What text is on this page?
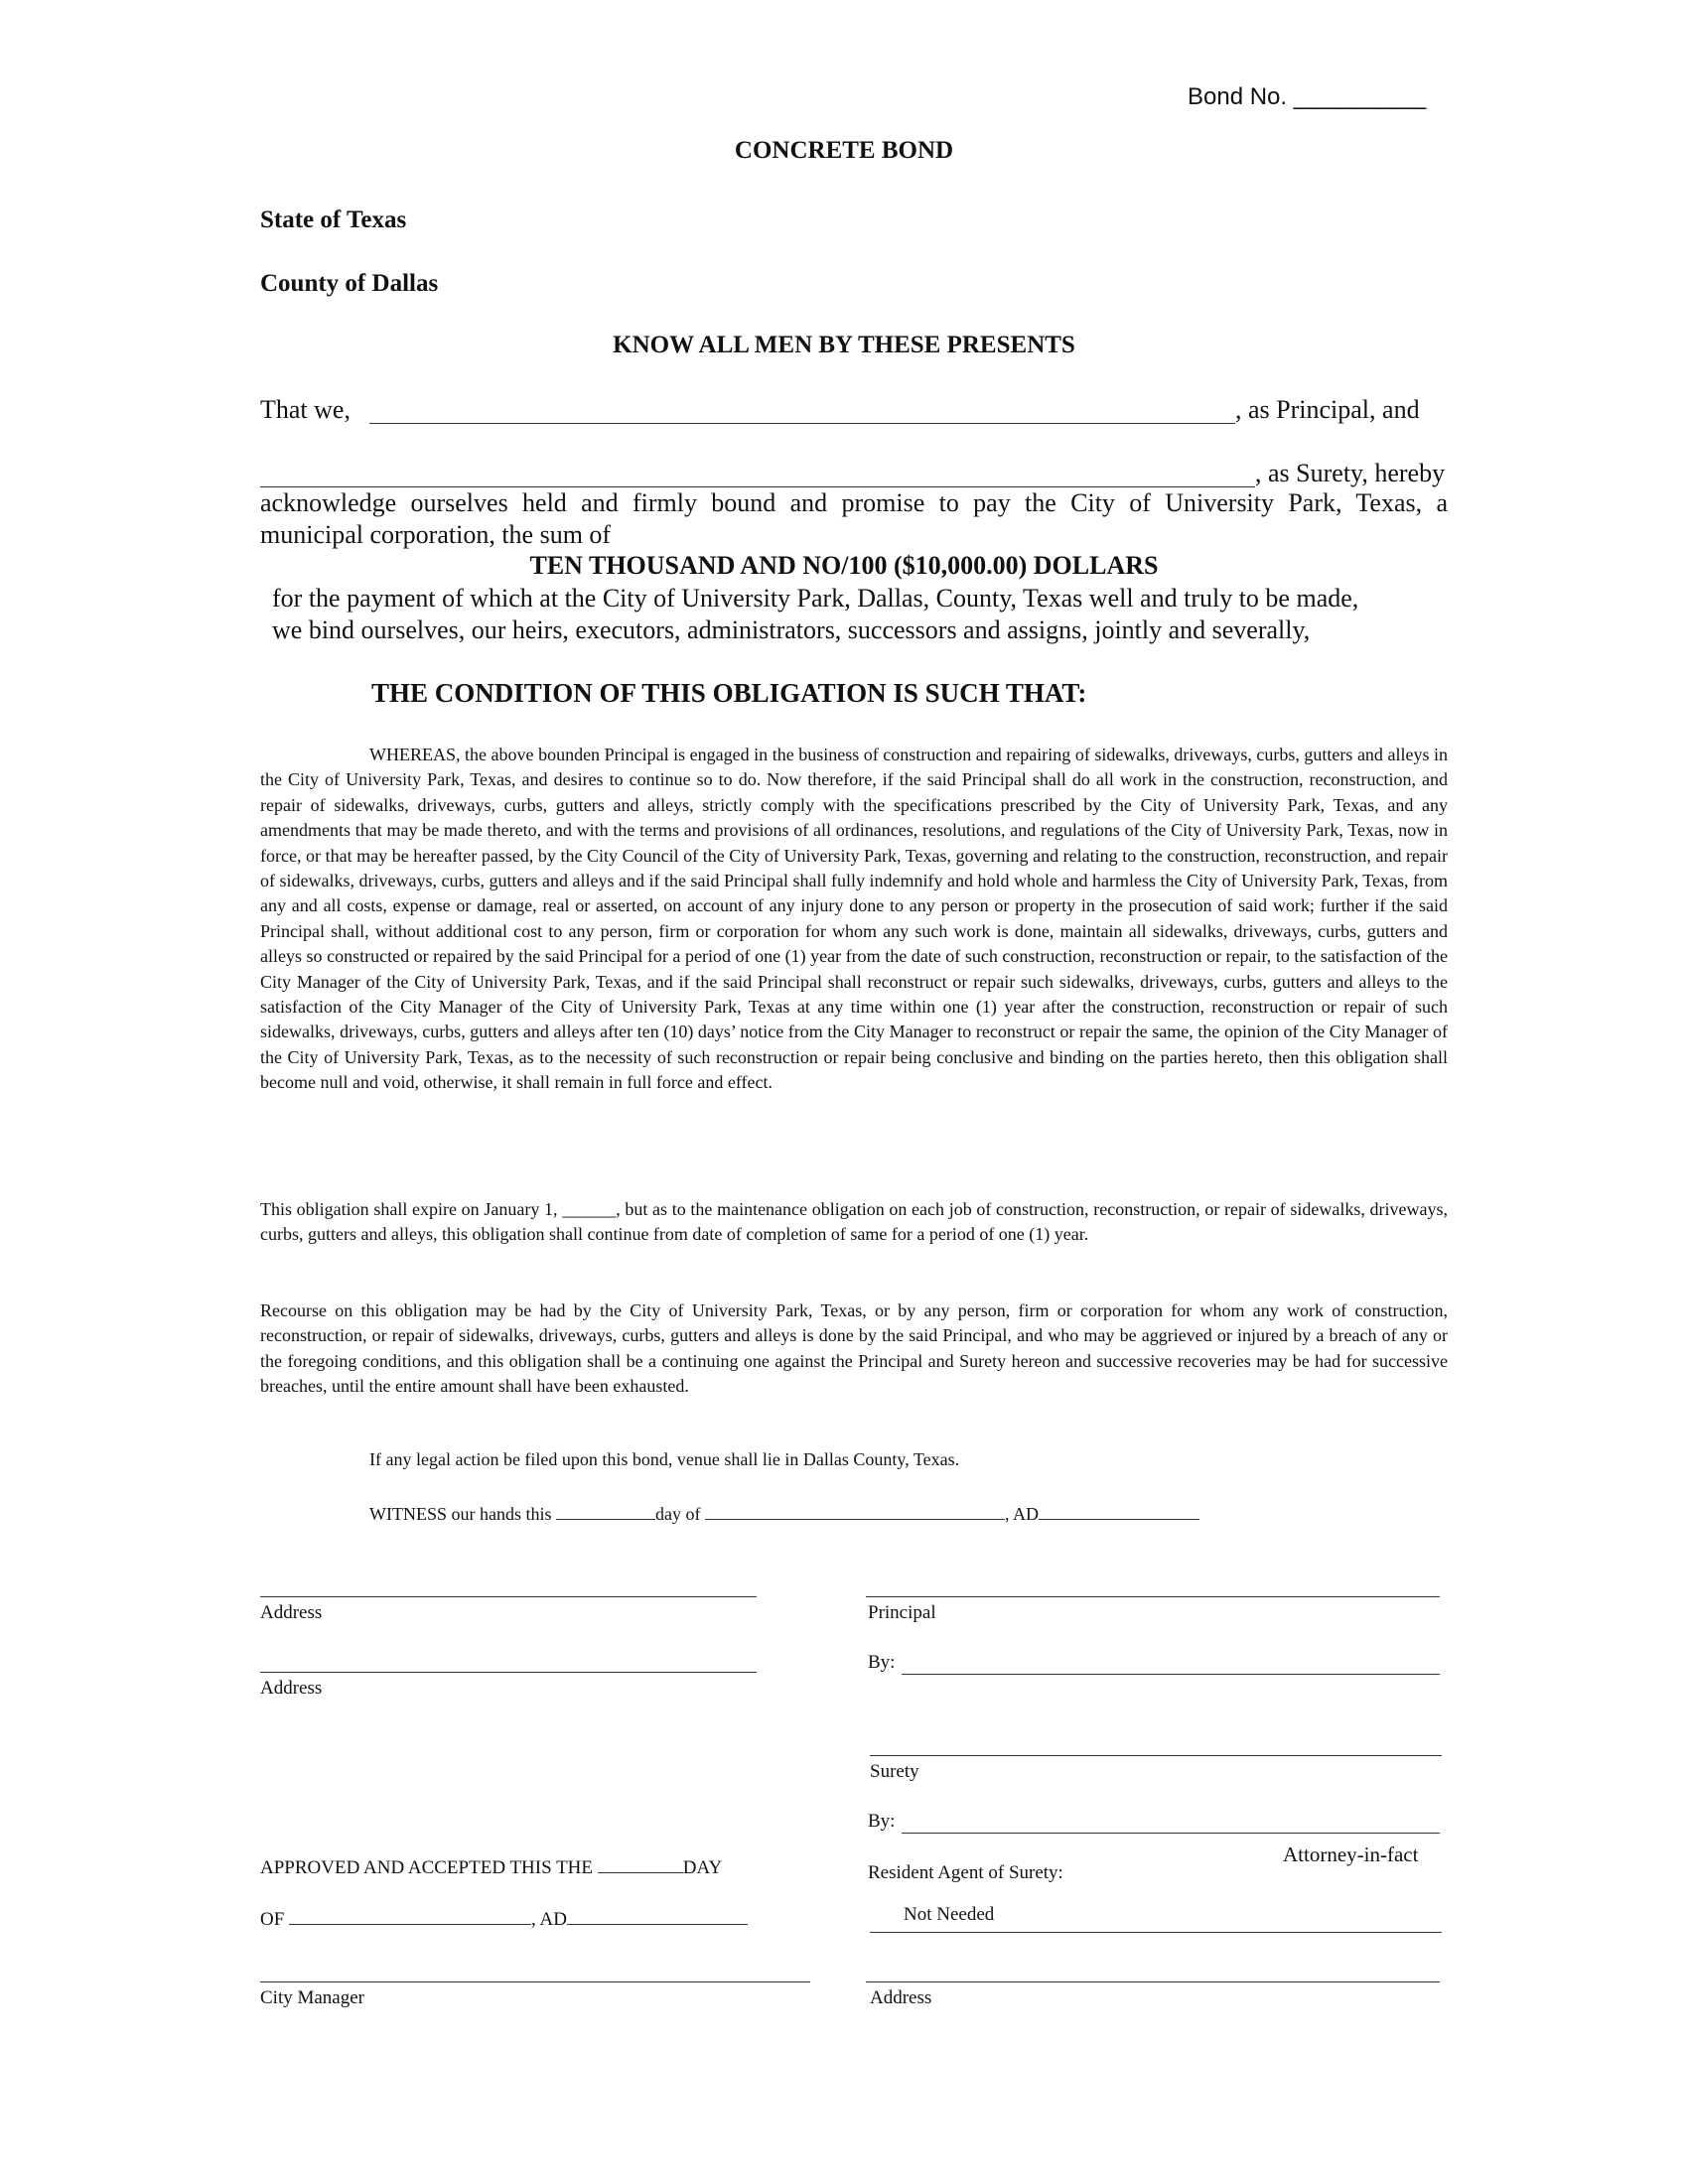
Bond No. __________
CONCRETE BOND
State of Texas
County of Dallas
KNOW ALL MEN BY THESE PRESENTS
That we,	, as Principal, and
, as Surety, hereby
acknowledge ourselves held and firmly bound and promise to pay the City of University Park, Texas, a
municipal corporation, the sum of
TEN THOUSAND AND NO/100 ($10,000.00) DOLLARS
for the payment of which at the City of University Park, Dallas, County, Texas well and truly to be made,
we bind ourselves, our heirs, executors, administrators, successors and assigns, jointly and severally,
THE CONDITION OF THIS OBLIGATION IS SUCH THAT:
WHEREAS, the above bounden Principal is engaged in the business of construction and repairing of sidewalks, driveways, curbs, gutters and alleys in the City of University Park, Texas, and desires to continue so to do. Now therefore, if the said Principal shall do all work in the construction, reconstruction, and repair of sidewalks, driveways, curbs, gutters and alleys, strictly comply with the specifications prescribed by the City of University Park, Texas, and any amendments that may be made thereto, and with the terms and provisions of all ordinances, resolutions, and regulations of the City of University Park, Texas, now in force, or that may be hereafter passed, by the City Council of the City of University Park, Texas, governing and relating to the construction, reconstruction, and repair of sidewalks, driveways, curbs, gutters and alleys and if the said Principal shall fully indemnify and hold whole and harmless the City of University Park, Texas, from any and all costs, expense or damage, real or asserted, on account of any injury done to any person or property in the prosecution of said work; further if the said Principal shall, without additional cost to any person, firm or corporation for whom any such work is done, maintain all sidewalks, driveways, curbs, gutters and alleys so constructed or repaired by the said Principal for a period of one (1) year from the date of such construction, reconstruction or repair, to the satisfaction of the City Manager of the City of University Park, Texas, and if the said Principal shall reconstruct or repair such sidewalks, driveways, curbs, gutters and alleys to the satisfaction of the City Manager of the City of University Park, Texas at any time within one (1) year after the construction, reconstruction or repair of such sidewalks, driveways, curbs, gutters and alleys after ten (10) days’ notice from the City Manager to reconstruct or repair the same, the opinion of the City Manager of the City of University Park, Texas, as to the necessity of such reconstruction or repair being conclusive and binding on the parties hereto, then this obligation shall become null and void, otherwise, it shall remain in full force and effect.
This obligation shall expire on January 1, ______, but as to the maintenance obligation on each job of construction, reconstruction, or repair of sidewalks, driveways, curbs, gutters and alleys, this obligation shall continue from date of completion of same for a period of one (1) year.
Recourse on this obligation may be had by the City of University Park, Texas, or by any person, firm or corporation for whom any work of construction, reconstruction, or repair of sidewalks, driveways, curbs, gutters and alleys is done by the said Principal, and who may be aggrieved or injured by a breach of any or the foregoing conditions, and this obligation shall be a continuing one against the Principal and Surety hereon and successive recoveries may be had for successive breaches, until the entire amount shall have been exhausted.
If any legal action be filed upon this bond, venue shall lie in Dallas County, Texas.
WITNESS our hands this	day of	, AD
Address
Address
APPROVED AND ACCEPTED THIS THE	DAY
OF	, AD
City Manager
Principal
By:
Surety
By:
Attorney-in-fact
Resident Agent of Surety:
Not Needed
Address
